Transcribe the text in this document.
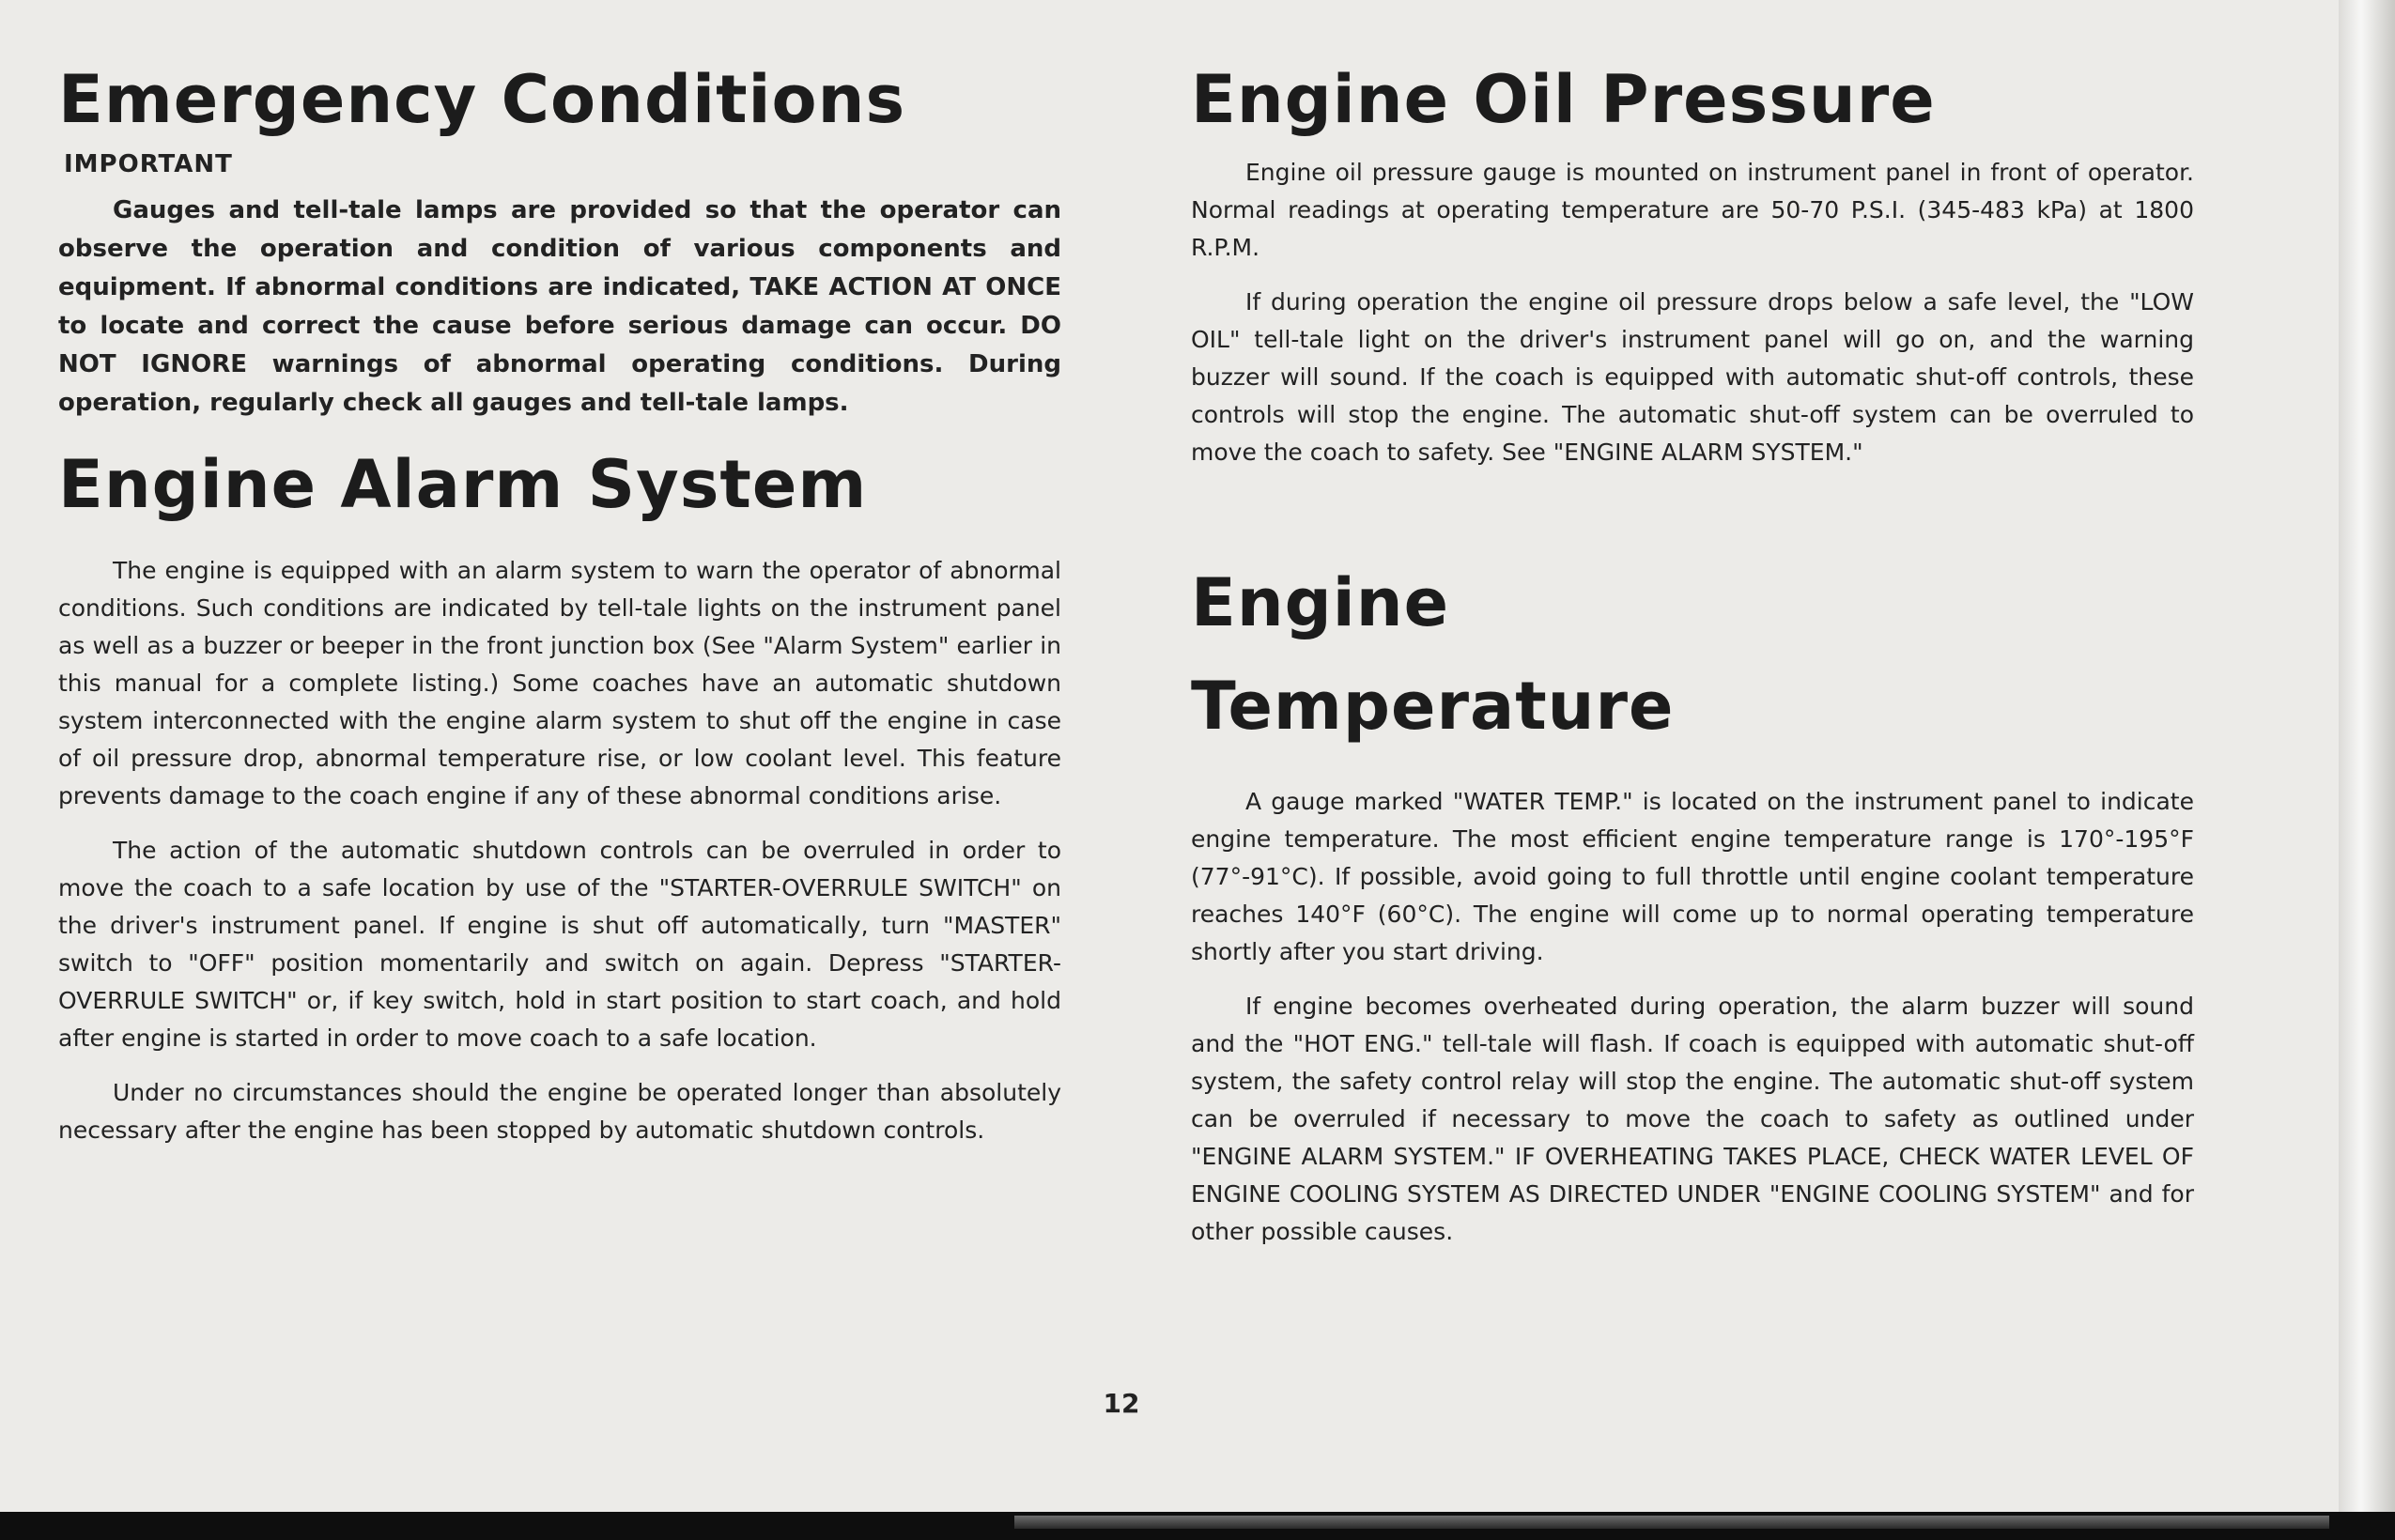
Emergency Conditions
IMPORTANT

Gauges and tell-tale lamps are provided so that the operator can observe the operation and condition of various components and equipment. If abnormal conditions are indicated, TAKE ACTION AT ONCE to locate and correct the cause before serious damage can occur. DO NOT IGNORE warnings of abnormal operating conditions. During operation, regularly check all gauges and tell-tale lamps.

Engine Alarm System

The engine is equipped with an alarm system to warn the operator of abnormal conditions. Such conditions are indicated by tell-tale lights on the instrument panel as well as a buzzer or beeper in the front junction box (See "Alarm System" earlier in this manual for a complete listing.) Some coaches have an automatic shutdown system interconnected with the engine alarm system to shut off the engine in case of oil pressure drop, abnormal temperature rise, or low coolant level. This feature prevents damage to the coach engine if any of these abnormal conditions arise.

The action of the automatic shutdown controls can be overruled in order to move the coach to a safe location by use of the "STARTER-OVERRULE SWITCH" on the driver's instrument panel. If engine is shut off automatically, turn "MASTER" switch to "OFF" position momentarily and switch on again. Depress "STARTER-OVERRULE SWITCH" or, if key switch, hold in start position to start coach, and hold after engine is started in order to move coach to a safe location.

Under no circumstances should the engine be operated longer than absolutely necessary after the engine has been stopped by automatic shutdown controls.

Engine Oil Pressure

Engine oil pressure gauge is mounted on instrument panel in front of operator. Normal readings at operating temperature are 50-70 P.S.I. (345-483 kPa) at 1800 R.P.M.

If during operation the engine oil pressure drops below a safe level, the "LOW OIL" tell-tale light on the driver's instrument panel will go on, and the warning buzzer will sound. If the coach is equipped with automatic shut-off controls, these controls will stop the engine. The automatic shut-off system can be overruled to move the coach to safety. See "ENGINE ALARM SYSTEM."

Engine
Temperature

A gauge marked "WATER TEMP." is located on the instrument panel to indicate engine temperature. The most efficient engine temperature range is 170°-195°F (77°-91°C). If possible, avoid going to full throttle until engine coolant temperature reaches 140°F (60°C). The engine will come up to normal operating temperature shortly after you start driving.

If engine becomes overheated during operation, the alarm buzzer will sound and the "HOT ENG." tell-tale will flash. If coach is equipped with automatic shut-off system, the safety control relay will stop the engine. The automatic shut-off system can be overruled if necessary to move the coach to safety as outlined under "ENGINE ALARM SYSTEM." IF OVERHEATING TAKES PLACE, CHECK WATER LEVEL OF ENGINE COOLING SYSTEM AS DIRECTED UNDER "ENGINE COOLING SYSTEM" and for other possible causes.

12
